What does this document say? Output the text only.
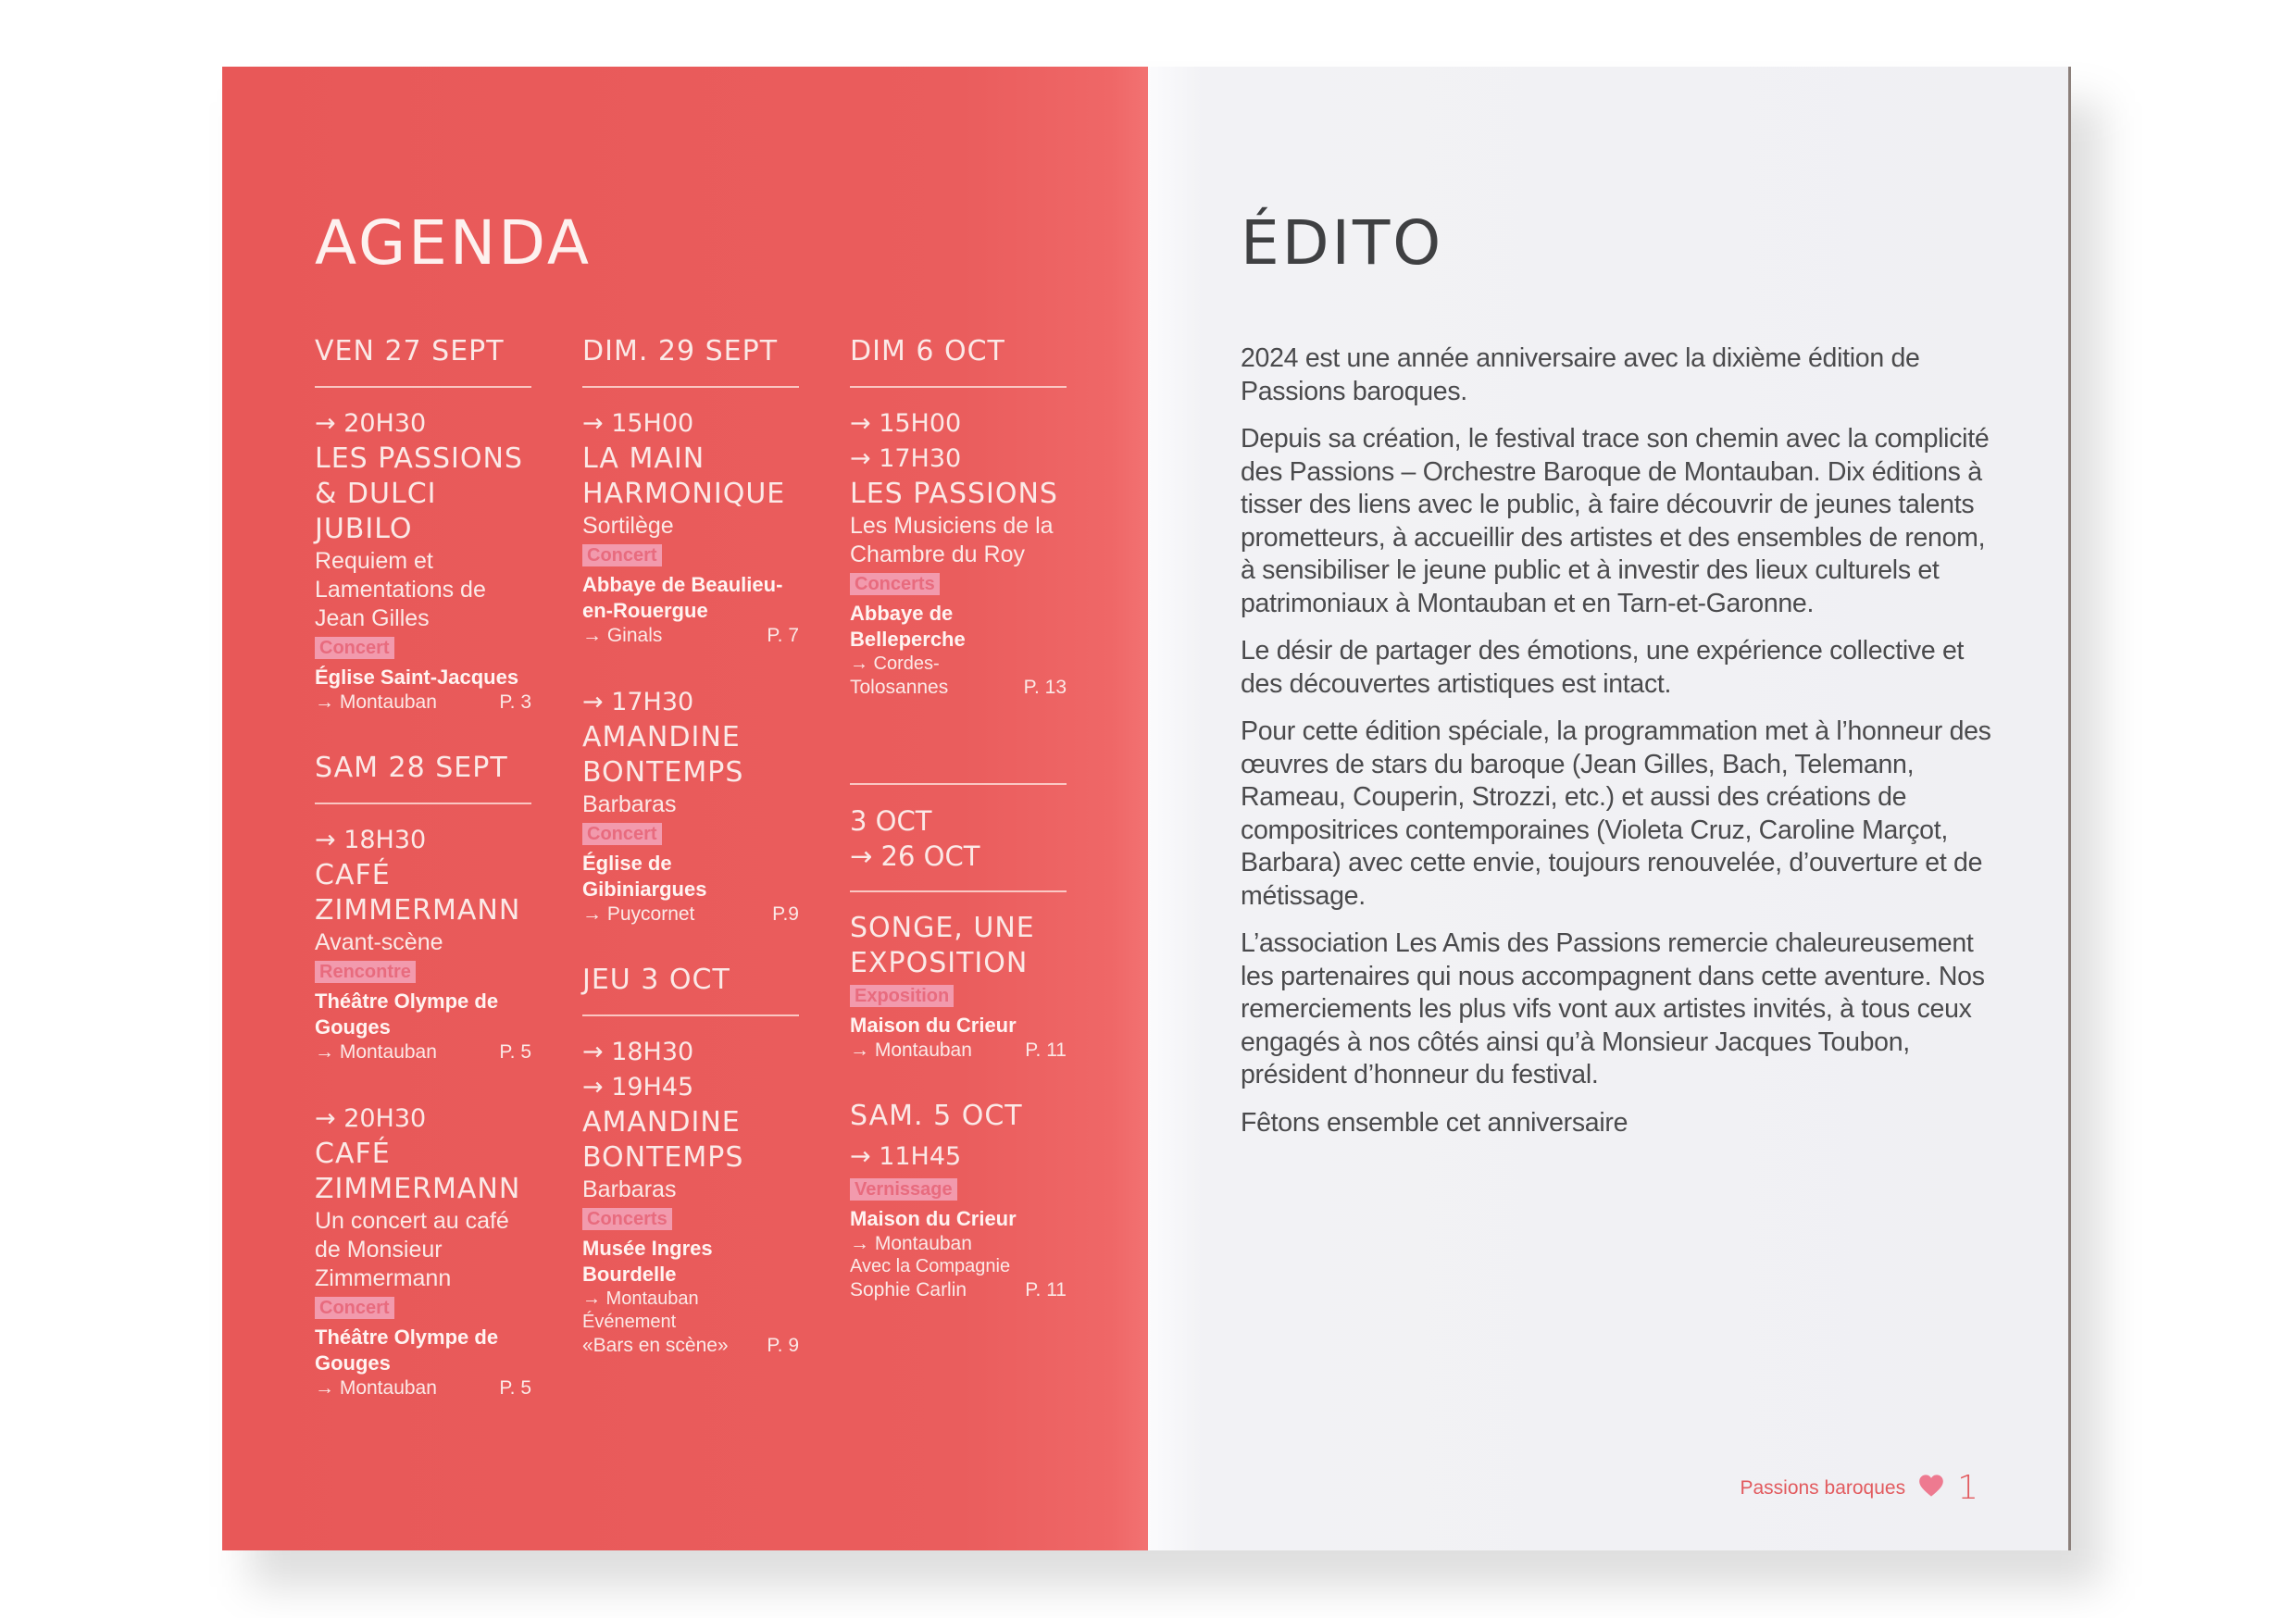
AGENDA
VEN 27 SEPT
→ 20H30
LES PASSIONS & DULCI JUBILO
Requiem et Lamentations de Jean Gilles
Concert
Église Saint-Jacques
→ Montauban	P. 3
SAM 28 SEPT
→ 18H30
CAFÉ ZIMMERMANN
Avant-scène
Rencontre
Théâtre Olympe de Gouges
→ Montauban	P. 5
→ 20H30
CAFÉ ZIMMERMANN
Un concert au café de Monsieur Zimmermann
Concert
Théâtre Olympe de Gouges
→ Montauban	P. 5
DIM. 29 SEPT
→ 15H00
LA MAIN HARMONIQUE
Sortilège
Concert
Abbaye de Beaulieu-en-Rouergue
→ Ginals	P. 7
→ 17H30
AMANDINE BONTEMPS
Barbaras
Concert
Église de Gibiniargues
→ Puycornet	P.9
JEU 3 OCT
→ 18H30
→ 19H45
AMANDINE BONTEMPS
Barbaras
Concerts
Musée Ingres Bourdelle
→ Montauban
Événement
«Bars en scène» P. 9
DIM 6 OCT
→ 15H00
→ 17H30
LES PASSIONS
Les Musiciens de la Chambre du Roy
Concerts
Abbaye de Belleperche
→ Cordes-
Tolosannes	P. 13
3 OCT
→ 26 OCT
SONGE, UNE EXPOSITION
Exposition
Maison du Crieur
→ Montauban	P. 11
SAM. 5 OCT
→ 11H45
Vernissage
Maison du Crieur
→ Montauban
Avec la Compagnie
Sophie Carlin	P. 11
ÉDITO

2024 est une année anniversaire avec la dixième édition de Passions baroques.

Depuis sa création, le festival trace son chemin avec la complicité des Passions – Orchestre Baroque de Montauban. Dix éditions à tisser des liens avec le public, à faire découvrir de jeunes talents prometteurs, à accueillir des artistes et des ensembles de renom, à sensibiliser le jeune public et à investir des lieux culturels et patrimoniaux à Montauban et en Tarn-et-Garonne.

Le désir de partager des émotions, une expérience collective et des découvertes artistiques est intact.

Pour cette édition spéciale, la programmation met à l’honneur des œuvres de stars du baroque (Jean Gilles, Bach, Telemann, Rameau, Couperin, Strozzi, etc.) et aussi des créations de compositrices contemporaines (Violeta Cruz, Caroline Marçot, Barbara) avec cette envie, toujours renouvelée, d’ouverture et de métissage.

L’association Les Amis des Passions remercie chaleureusement les partenaires qui nous accompagnent dans cette aventure. Nos remerciements les plus vifs vont aux artistes invités, à tous ceux engagés à nos côtés ainsi qu’à Monsieur Jacques Toubon, président d’honneur du festival.

Fêtons ensemble cet anniversaire

Passions baroques 1
